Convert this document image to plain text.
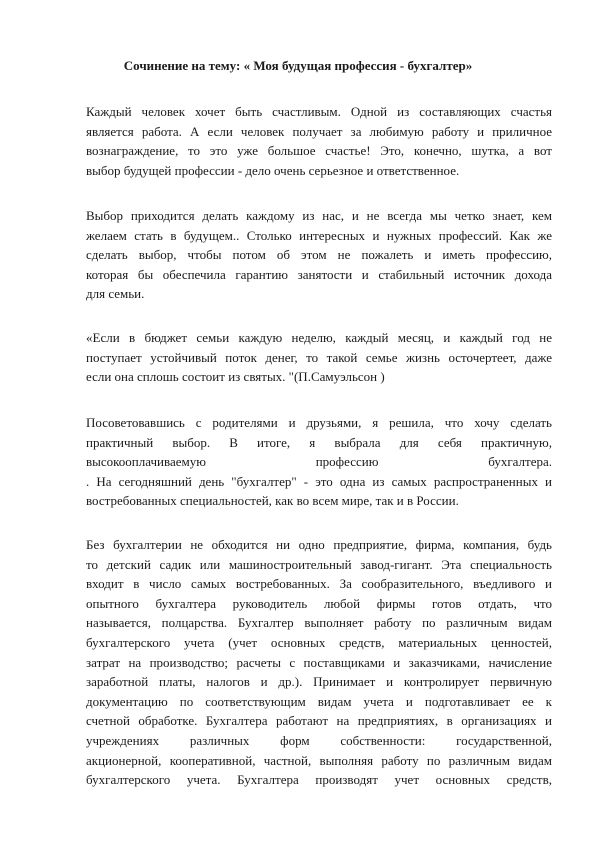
Сочинение на тему: « Моя будущая профессия - бухгалтер»

Каждый человек хочет быть счастливым. Одной из составляющих счастья
является работа. А если человек получает за любимую работу и приличное
вознаграждение, то это уже большое счастье! Это, конечно, шутка, а вот
выбор будущей профессии - дело очень серьезное и ответственное.

Выбор приходится делать каждому из нас, и не всегда мы четко знает, кем
желаем стать в будущем.. Столько интересных и нужных профессий. Как же
сделать выбор, чтобы потом об этом не пожалеть и иметь профессию,
которая бы обеспечила гарантию занятости и стабильный источник дохода
для семьи.

«Если в бюджет семьи каждую неделю, каждый месяц, и каждый год не
поступает устойчивый поток денег, то такой семье жизнь осточертеет, даже
если она сплошь состоит из святых. "(П.Самуэльсон )

Посоветовавшись с родителями и друзьями, я решила, что хочу сделать
практичный выбор. В итоге, я выбрала для себя практичную,
высокооплачиваемую профессию бухгалтера.
. На сегодняшний день "бухгалтер" - это одна из самых распространенных и
востребованных специальностей, как во всем мире, так и в России.

Без бухгалтерии не обходится ни одно предприятие, фирма, компания, будь
то детский садик или машиностроительный завод-гигант. Эта специальность
входит в число самых востребованных. За сообразительного, въедливого и
опытного бухгалтера руководитель любой фирмы готов отдать, что
называется, полцарства. Бухгалтер выполняет работу по различным видам
бухгалтерского учета (учет основных средств, материальных ценностей,
затрат на производство; расчеты с поставщиками и заказчиками, начисление
заработной платы, налогов и др.). Принимает и контролирует первичную
документацию по соответствующим видам учета и подготавливает ее к
счетной обработке. Бухгалтера работают на предприятиях, в организациях и
учреждениях различных форм собственности: государственной,
акционерной, кооперативной, частной, выполняя работу по различным видам
бухгалтерского учета. Бухгалтера производят учет основных средств,
